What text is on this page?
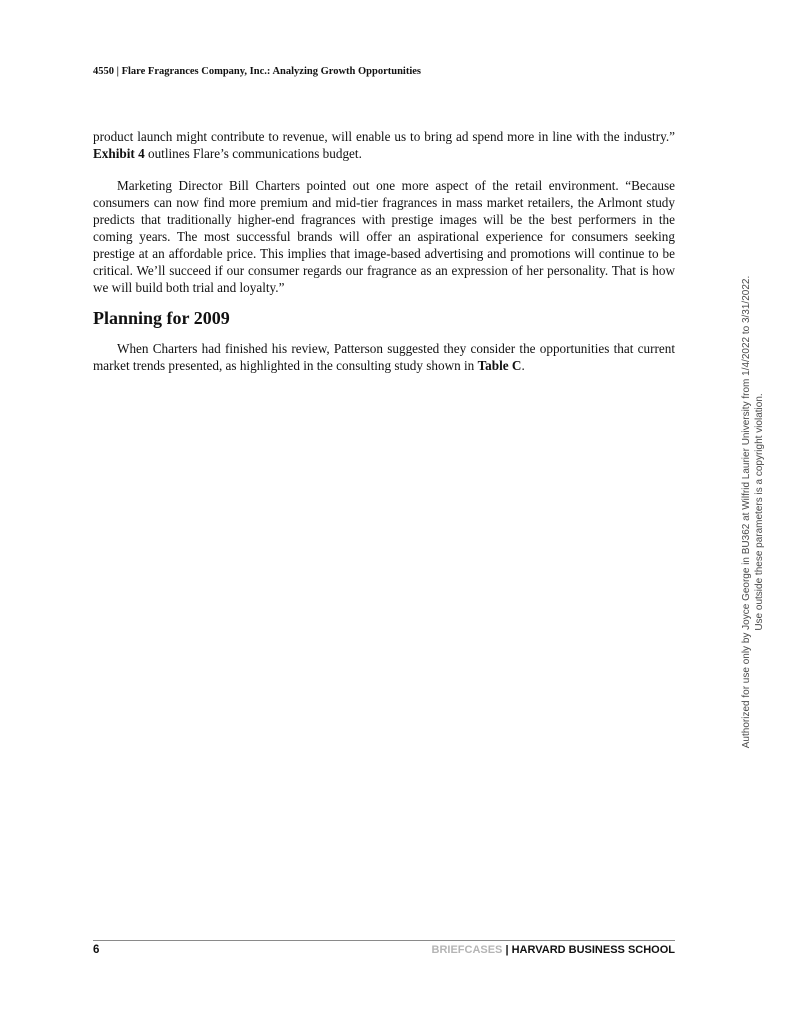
4550 | Flare Fragrances Company, Inc.: Analyzing Growth Opportunities

product launch might contribute to revenue, will enable us to bring ad spend more in line with the industry.” Exhibit 4 outlines Flare’s communications budget.

Marketing Director Bill Charters pointed out one more aspect of the retail environment. “Because consumers can now find more premium and mid-tier fragrances in mass market retailers, the Arlmont study predicts that traditionally higher-end fragrances with prestige images will be the best performers in the coming years. The most successful brands will offer an aspirational experience for consumers seeking prestige at an affordable price. This implies that image-based advertising and promotions will continue to be critical. We’ll succeed if our consumer regards our fragrance as an expression of her personality. That is how we will build both trial and loyalty.”

Planning for 2009

When Charters had finished his review, Patterson suggested they consider the opportunities that current market trends presented, as highlighted in the consulting study shown in Table C.

6	BRIEFCASES | HARVARD BUSINESS SCHOOL
Authorized for use only by Joyce George in BU362 at Wilfrid Laurier University from 1/4/2022 to 3/31/2022. Use outside these parameters is a copyright violation.
